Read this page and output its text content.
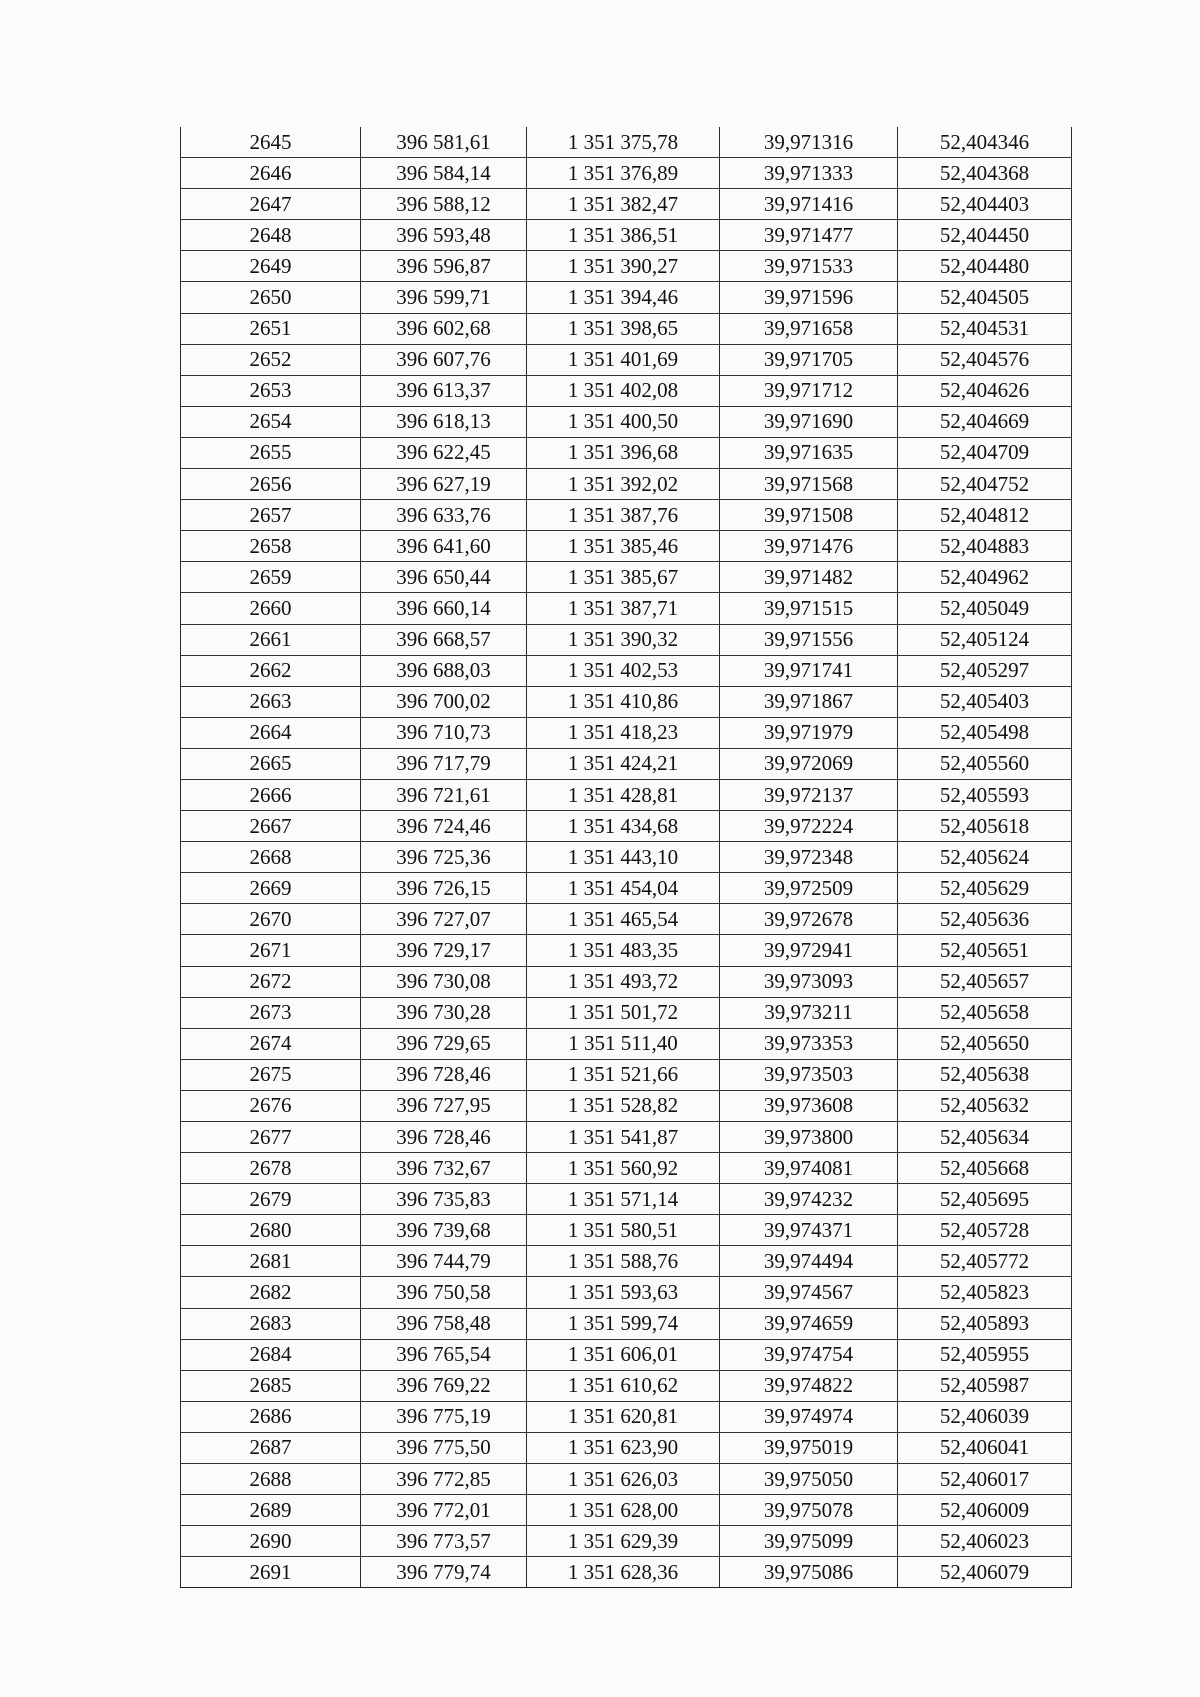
2645	396 581,61	1 351 375,78	39,971316	52,404346
2646	396 584,14	1 351 376,89	39,971333	52,404368
2647	396 588,12	1 351 382,47	39,971416	52,404403
2648	396 593,48	1 351 386,51	39,971477	52,404450
2649	396 596,87	1 351 390,27	39,971533	52,404480
2650	396 599,71	1 351 394,46	39,971596	52,404505
2651	396 602,68	1 351 398,65	39,971658	52,404531
2652	396 607,76	1 351 401,69	39,971705	52,404576
2653	396 613,37	1 351 402,08	39,971712	52,404626
2654	396 618,13	1 351 400,50	39,971690	52,404669
2655	396 622,45	1 351 396,68	39,971635	52,404709
2656	396 627,19	1 351 392,02	39,971568	52,404752
2657	396 633,76	1 351 387,76	39,971508	52,404812
2658	396 641,60	1 351 385,46	39,971476	52,404883
2659	396 650,44	1 351 385,67	39,971482	52,404962
2660	396 660,14	1 351 387,71	39,971515	52,405049
2661	396 668,57	1 351 390,32	39,971556	52,405124
2662	396 688,03	1 351 402,53	39,971741	52,405297
2663	396 700,02	1 351 410,86	39,971867	52,405403
2664	396 710,73	1 351 418,23	39,971979	52,405498
2665	396 717,79	1 351 424,21	39,972069	52,405560
2666	396 721,61	1 351 428,81	39,972137	52,405593
2667	396 724,46	1 351 434,68	39,972224	52,405618
2668	396 725,36	1 351 443,10	39,972348	52,405624
2669	396 726,15	1 351 454,04	39,972509	52,405629
2670	396 727,07	1 351 465,54	39,972678	52,405636
2671	396 729,17	1 351 483,35	39,972941	52,405651
2672	396 730,08	1 351 493,72	39,973093	52,405657
2673	396 730,28	1 351 501,72	39,973211	52,405658
2674	396 729,65	1 351 511,40	39,973353	52,405650
2675	396 728,46	1 351 521,66	39,973503	52,405638
2676	396 727,95	1 351 528,82	39,973608	52,405632
2677	396 728,46	1 351 541,87	39,973800	52,405634
2678	396 732,67	1 351 560,92	39,974081	52,405668
2679	396 735,83	1 351 571,14	39,974232	52,405695
2680	396 739,68	1 351 580,51	39,974371	52,405728
2681	396 744,79	1 351 588,76	39,974494	52,405772
2682	396 750,58	1 351 593,63	39,974567	52,405823
2683	396 758,48	1 351 599,74	39,974659	52,405893
2684	396 765,54	1 351 606,01	39,974754	52,405955
2685	396 769,22	1 351 610,62	39,974822	52,405987
2686	396 775,19	1 351 620,81	39,974974	52,406039
2687	396 775,50	1 351 623,90	39,975019	52,406041
2688	396 772,85	1 351 626,03	39,975050	52,406017
2689	396 772,01	1 351 628,00	39,975078	52,406009
2690	396 773,57	1 351 629,39	39,975099	52,406023
2691	396 779,74	1 351 628,36	39,975086	52,406079
